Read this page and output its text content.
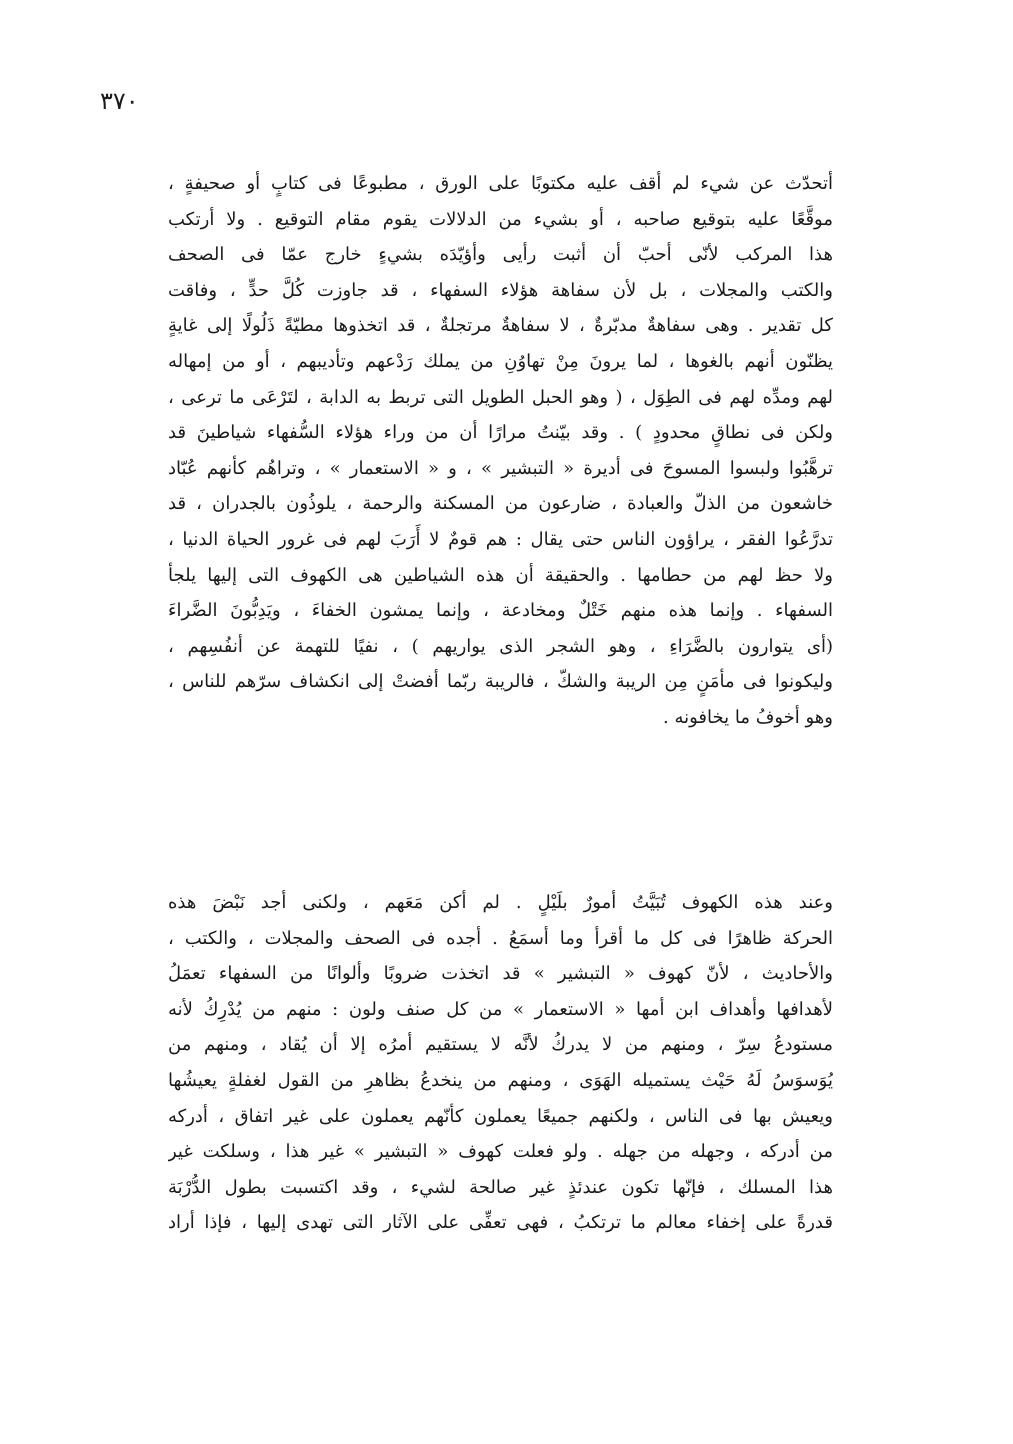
٣٧٠
أتحدّث عن شيء لم أقف عليه مكتوبًا على الورق ، مطبوعًا فى كتابٍ أو صحيفةٍ ،
موقَّعًا عليه بتوقيع صاحبه ، أو بشيء من الدلالات يقوم مقام التوقيع . ولا أرتكب
هذا المركب لأنّى أحبّ أن أثبت رأيى وأؤيّدَه بشيءٍ خارج عمّا فى الصحف
والكتب والمجلات ، بل لأن سفاهة هؤلاء السفهاء ، قد جاوزت كُلَّ حدٍّ ، وفاقت
كل تقدير . وهى سفاهةٌ مدبّرةٌ ، لا سفاهةٌ مرتجلةٌ ، قد اتخذوها مطيّةً ذَلُولًا إلى غايةٍ
يظنّون أنهم بالغوها ، لما يرونَ مِنْ تهاوُنِ من يملك رَدْعهم وتأديبهم ، أو من إمهاله
لهم ومدِّه لهم فى الطِوَل ، ( وهو الحبل الطويل التى تربط به الدابة ، لتَرْعَى ما ترعى ،
ولكن فى نطاقٍ محدودٍ ) . وقد بيّنتُ مرارًا أن من وراء هؤلاء السُّفهاء شياطينَ قد
ترهَّبُوا ولبسوا المسوحَ فى أديرة « التبشير » ، و « الاستعمار » ، وتراهُم كأنهم عُبّاد
خاشعون من الذلّ والعبادة ، ضارعون من المسكنة والرحمة ، يلوذُون بالجدران ، قد
تدرَّعُوا الفقر ، يراؤون الناس حتى يقال : هم قومٌ لا أَرَبَ لهم فى غرور الحياة الدنيا ،
ولا حظ لهم من حطامها . والحقيقة أن هذه الشياطين هى الكهوف التى إليها يلجأ
السفهاء . وإنما هذه منهم خَتْلٌ ومخادعة ، وإنما يمشون الخفاءَ ، ويَدِبُّونَ الضَّراءَ
(أى يتوارون بالضَّرَاءِ ، وهو الشجر الذى يواريهم ) ، نفيًا للتهمة عن أنفُسِهم ،
وليكونوا فى مأمَنٍ مِن الريبة والشكّ ، فالريبة ربّما أفضتْ إلى انكشاف سرّهم للناس ،
وهو أخوفُ ما يخافونه .
وعند هذه الكهوف تُبَيَّتُ أمورٌ بلَيْلٍ . لم أكن مَعَهم ، ولكنى أجد نَبْضَ هذه
الحركة ظاهرًا فى كل ما أقرأ وما أسمَعُ . أجده فى الصحف والمجلات ، والكتب ،
والأحاديث ، لأنّ كهوف « التبشير » قد اتخذت ضروبًا وألوانًا من السفهاء تعمَلُ
لأهدافها وأهداف ابن أمها « الاستعمار » من كل صنف ولون : منهم من يُدْرِكُ لأنه
مستودعُ سِرّ ، ومنهم من لا يدركُ لأنَّه لا يستقيم أمرُه إلا أن يُقاد ، ومنهم من
يُوَسوَسُ لَهُ حَيْث يستميله الهَوَى ، ومنهم من ينخدعُ بظاهرِ من القول لغفلةٍ يعيشُها
ويعيش بها فى الناس ، ولكنهم جميعًا يعملون كأنّهم يعملون على غير اتفاق ، أدركه
من أدركه ، وجهله من جهله . ولو فعلت كهوف « التبشير » غير هذا ، وسلكت غير
هذا المسلك ، فإنّها تكون عندئذٍ غير صالحة لشيء ، وقد اكتسبت بطول الدُّرْبَة
قدرةً على إخفاء معالم ما ترتكبُ ، فهى تعفِّى على الآثار التى تهدى إليها ، فإذا أراد
